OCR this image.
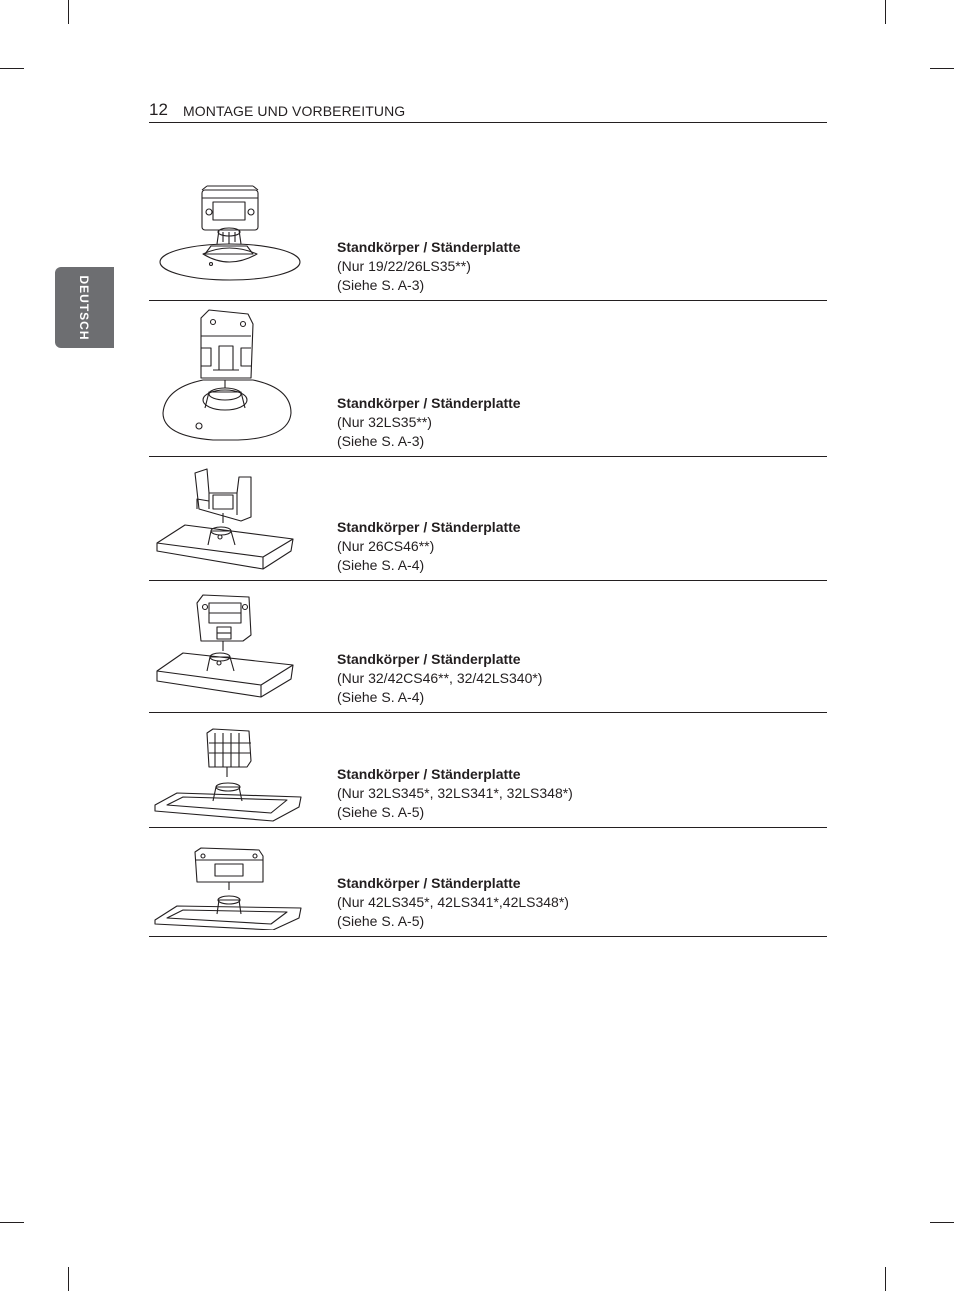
12 MONTAGE UND VORBEREITUNG
DEUTSCH
Standkörper / Ständerplatte
(Nur 19/22/26LS35**)
(Siehe S. A-3)
Standkörper / Ständerplatte
(Nur 32LS35**)
(Siehe S. A-3)
Standkörper / Ständerplatte
(Nur 26CS46**)
(Siehe S. A-4)
Standkörper / Ständerplatte
(Nur 32/42CS46**, 32/42LS340*)
(Siehe S. A-4)
Standkörper / Ständerplatte
(Nur 32LS345*, 32LS341*, 32LS348*)
(Siehe S. A-5)
Standkörper / Ständerplatte
(Nur 42LS345*, 42LS341*,42LS348*)
(Siehe S. A-5)
